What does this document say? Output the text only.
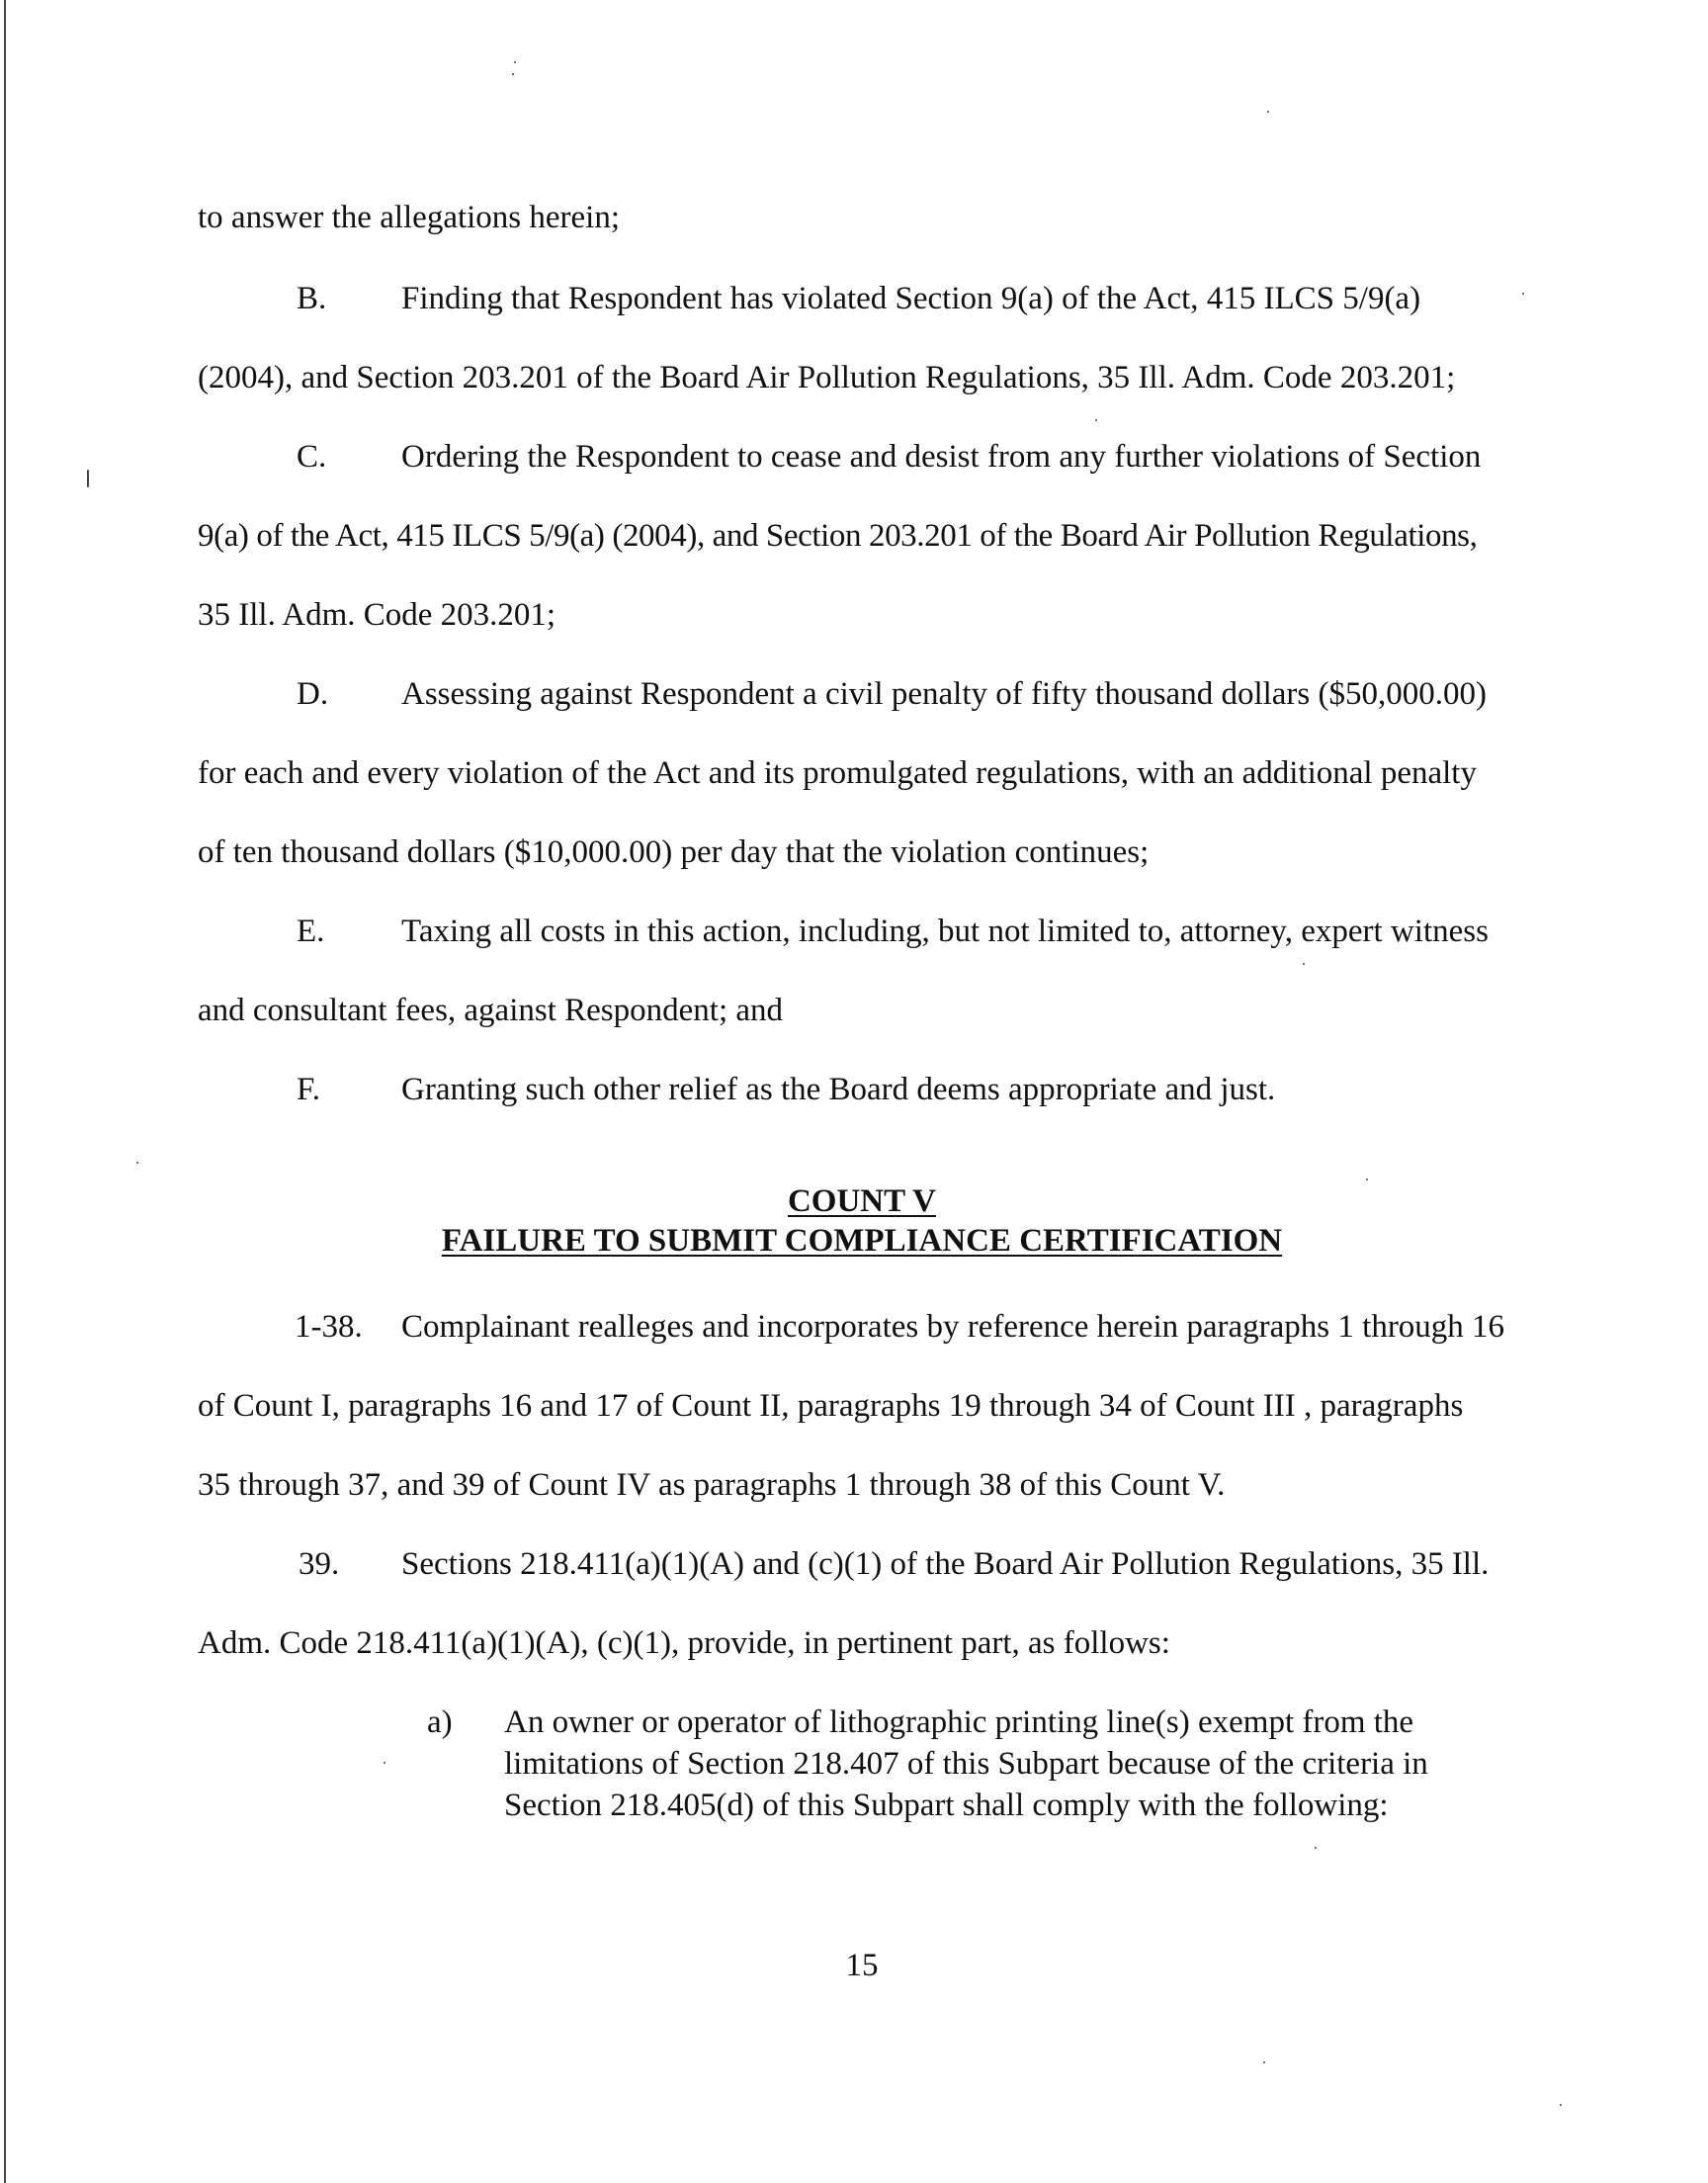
to answer the allegations herein;
B. Finding that Respondent has violated Section 9(a) of the Act, 415 ILCS 5/9(a)
(2004), and Section 203.201 of the Board Air Pollution Regulations, 35 Ill. Adm. Code 203.201;
C. Ordering the Respondent to cease and desist from any further violations of Section
9(a) of the Act, 415 ILCS 5/9(a) (2004), and Section 203.201 of the Board Air Pollution Regulations,
35 Ill. Adm. Code 203.201;
D. Assessing against Respondent a civil penalty of fifty thousand dollars ($50,000.00)
for each and every violation of the Act and its promulgated regulations, with an additional penalty
of ten thousand dollars ($10,000.00) per day that the violation continues;
E. Taxing all costs in this action, including, but not limited to, attorney, expert witness
and consultant fees, against Respondent; and
F. Granting such other relief as the Board deems appropriate and just.
COUNT V
FAILURE TO SUBMIT COMPLIANCE CERTIFICATION
1-38. Complainant realleges and incorporates by reference herein paragraphs 1 through 16
of Count I, paragraphs 16 and 17 of Count II, paragraphs 19 through 34 of Count III , paragraphs
35 through 37, and 39 of Count IV as paragraphs 1 through 38 of this Count V.
39. Sections 218.411(a)(1)(A) and (c)(1) of the Board Air Pollution Regulations, 35 Ill.
Adm. Code 218.411(a)(1)(A), (c)(1), provide, in pertinent part, as follows:
a) An owner or operator of lithographic printing line(s) exempt from the limitations of Section 218.407 of this Subpart because of the criteria in Section 218.405(d) of this Subpart shall comply with the following:
15
